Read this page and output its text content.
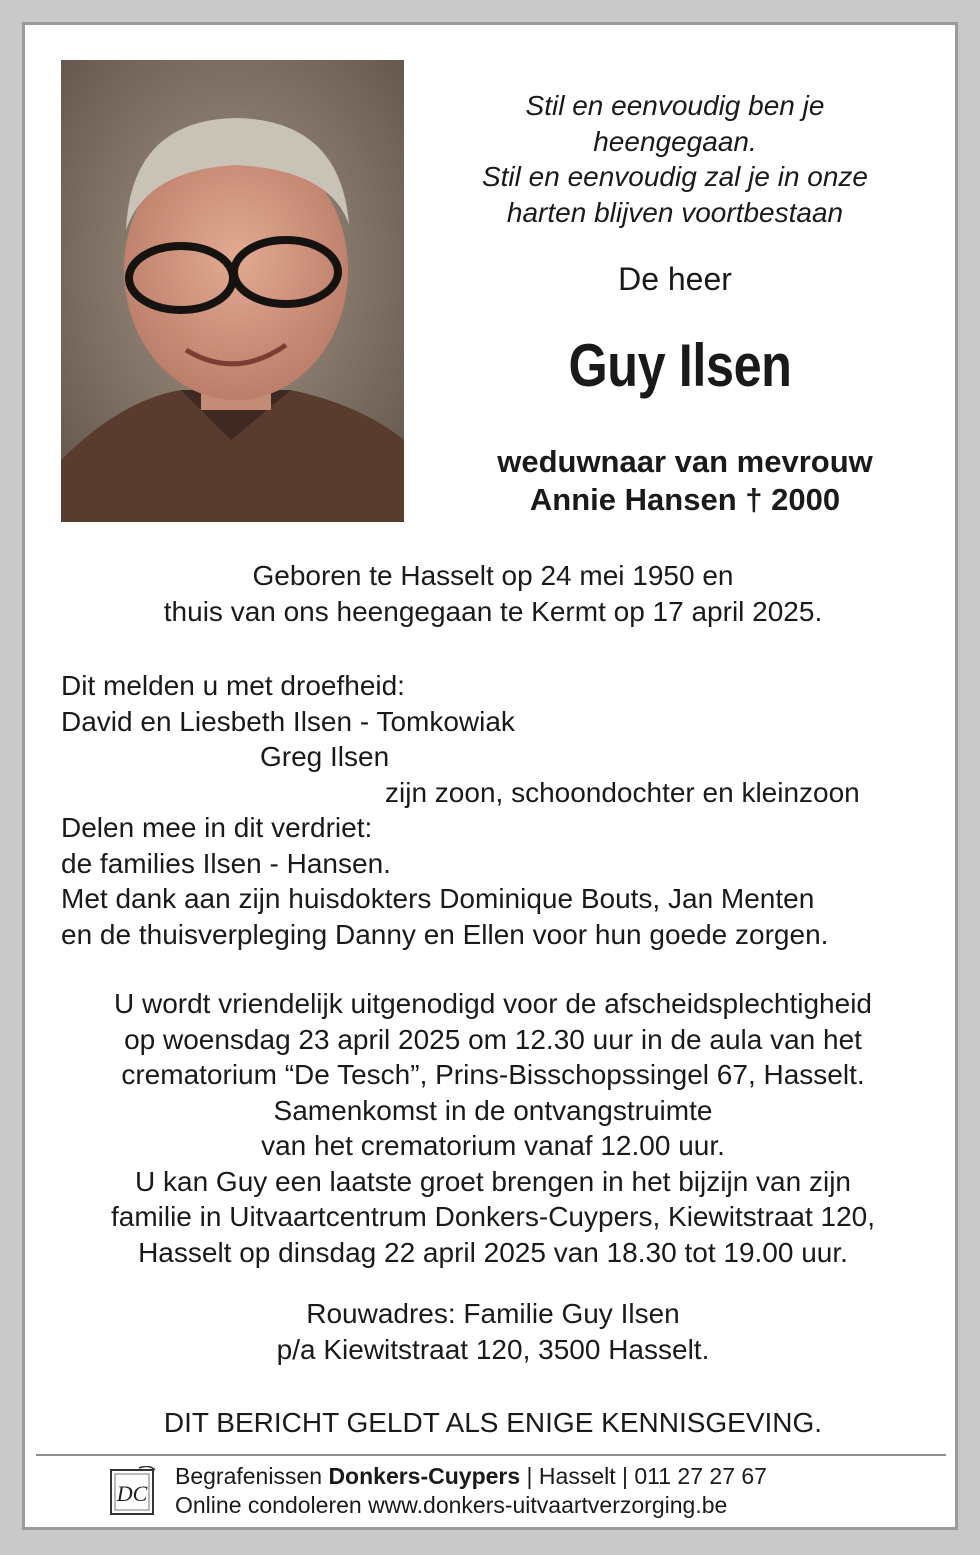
Stil en eenvoudig ben je
heengegaan.
Stil en eenvoudig zal je in onze
harten blijven voortbestaan
De heer
Guy Ilsen
weduwnaar van mevrouw
Annie Hansen † 2000
Geboren te Hasselt op 24 mei 1950 en
thuis van ons heengegaan te Kermt op 17 april 2025.
Dit melden u met droefheid:
David en Liesbeth Ilsen - Tomkowiak
Greg Ilsen
zijn zoon, schoondochter en kleinzoon
Delen mee in dit verdriet:
de families Ilsen - Hansen.
Met dank aan zijn huisdokters Dominique Bouts, Jan Menten
en de thuisverpleging Danny en Ellen voor hun goede zorgen.
U wordt vriendelijk uitgenodigd voor de afscheidsplechtigheid
op woensdag 23 april 2025 om 12.30 uur in de aula van het
crematorium “De Tesch”, Prins-Bisschopssingel 67, Hasselt.
Samenkomst in de ontvangstruimte
van het crematorium vanaf 12.00 uur.
U kan Guy een laatste groet brengen in het bijzijn van zijn
familie in Uitvaartcentrum Donkers-Cuypers, Kiewitstraat 120,
Hasselt op dinsdag 22 april 2025 van 18.30 tot 19.00 uur.
Rouwadres: Familie Guy Ilsen
p/a Kiewitstraat 120, 3500 Hasselt.
DIT BERICHT GELDT ALS ENIGE KENNISGEVING.
DC
Begrafenissen Donkers-Cuypers | Hasselt | 011 27 27 67
Online condoleren www.donkers-uitvaartverzorging.be
